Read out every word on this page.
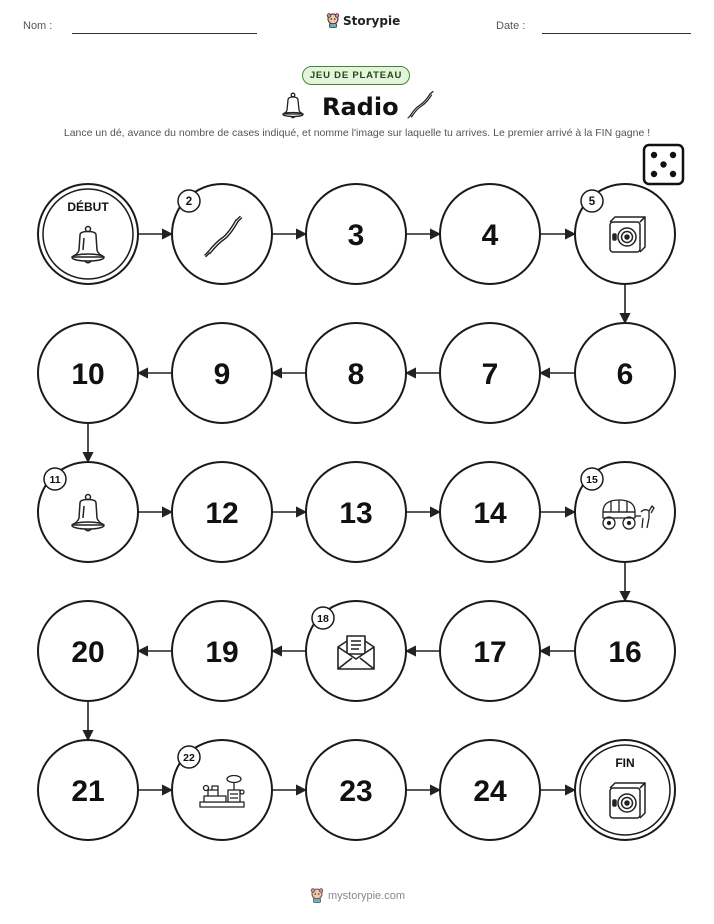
Nom :	Storypie	Date :
JEU DE PLATEAU
Radio
Lance un dé, avance du nombre de cases indiqué, et nomme l'image sur laquelle tu arrives. Le premier arrivé à la FIN gagne !
DÉBUT	2
3	4
5
6
7
8
9
10
11
12	13	14
15
16
17
18
19
20
21
22
23	24
FIN
mystorypie.com
